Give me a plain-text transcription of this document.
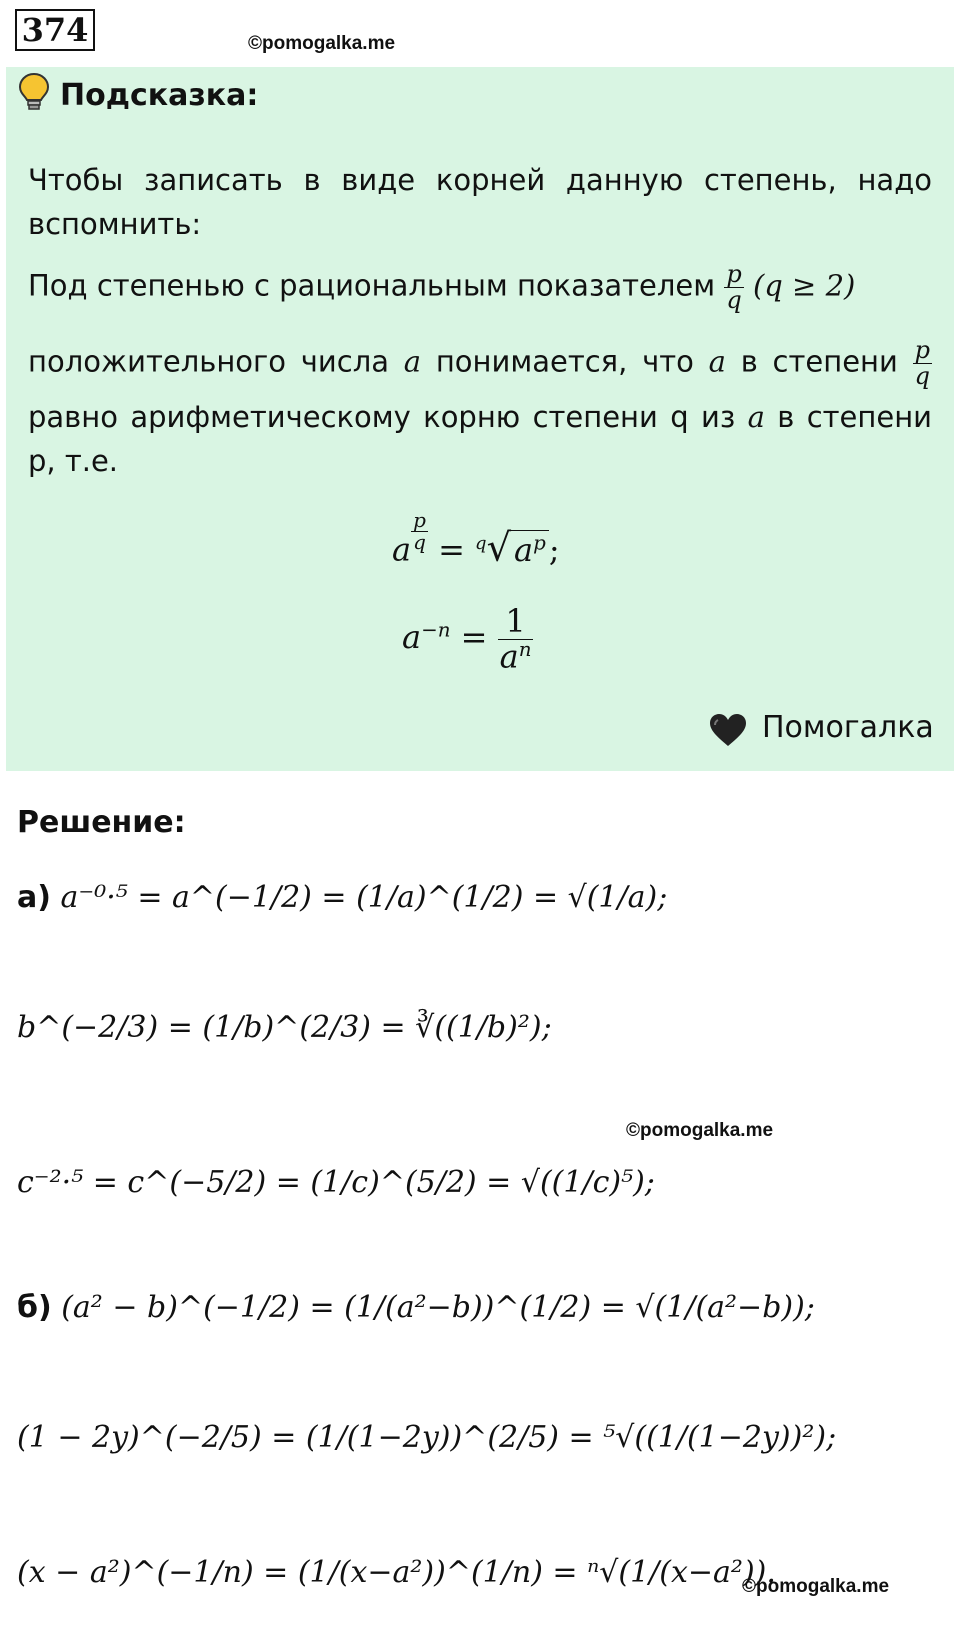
374	©pomogalka.me
Подсказка:
Чтобы записать в виде корней данную степень, надо вспомнить:
Под степенью с рациональным показателем $\frac{p}{q} (q \ge 2)$
положительного числа a понимается, что a в степени $\frac{p}{q}$
равно арифметическому корню степени q из a в степени p, т.е.
a $\frac{p}{q} = ^q√a^p$;
$a^{-n} = \frac{1}{a^n}$
Помогалка
Решение:
а) a⁻⁰·⁵ = a^(−1/2) = (1/a)^(1/2) = √(1/a);
b^(−2/3) = (1/b)^(2/3) = ∛((1/b)²);
©pomogalka.me
c⁻²·⁵ = c^(−5/2) = (1/c)^(5/2) = √((1/c)⁵);
б) (a² − b)^(−1/2) = (1/(a²−b))^(1/2) = √(1/(a²−b));
(1 − 2y)^(−2/5) = (1/(1−2y))^(2/5) = ⁵√((1/(1−2y))²);
(x − a²)^(−1/n) = (1/(x−a²))^(1/n) = ⁿ√(1/(x−a²)).
©pomogalka.me
